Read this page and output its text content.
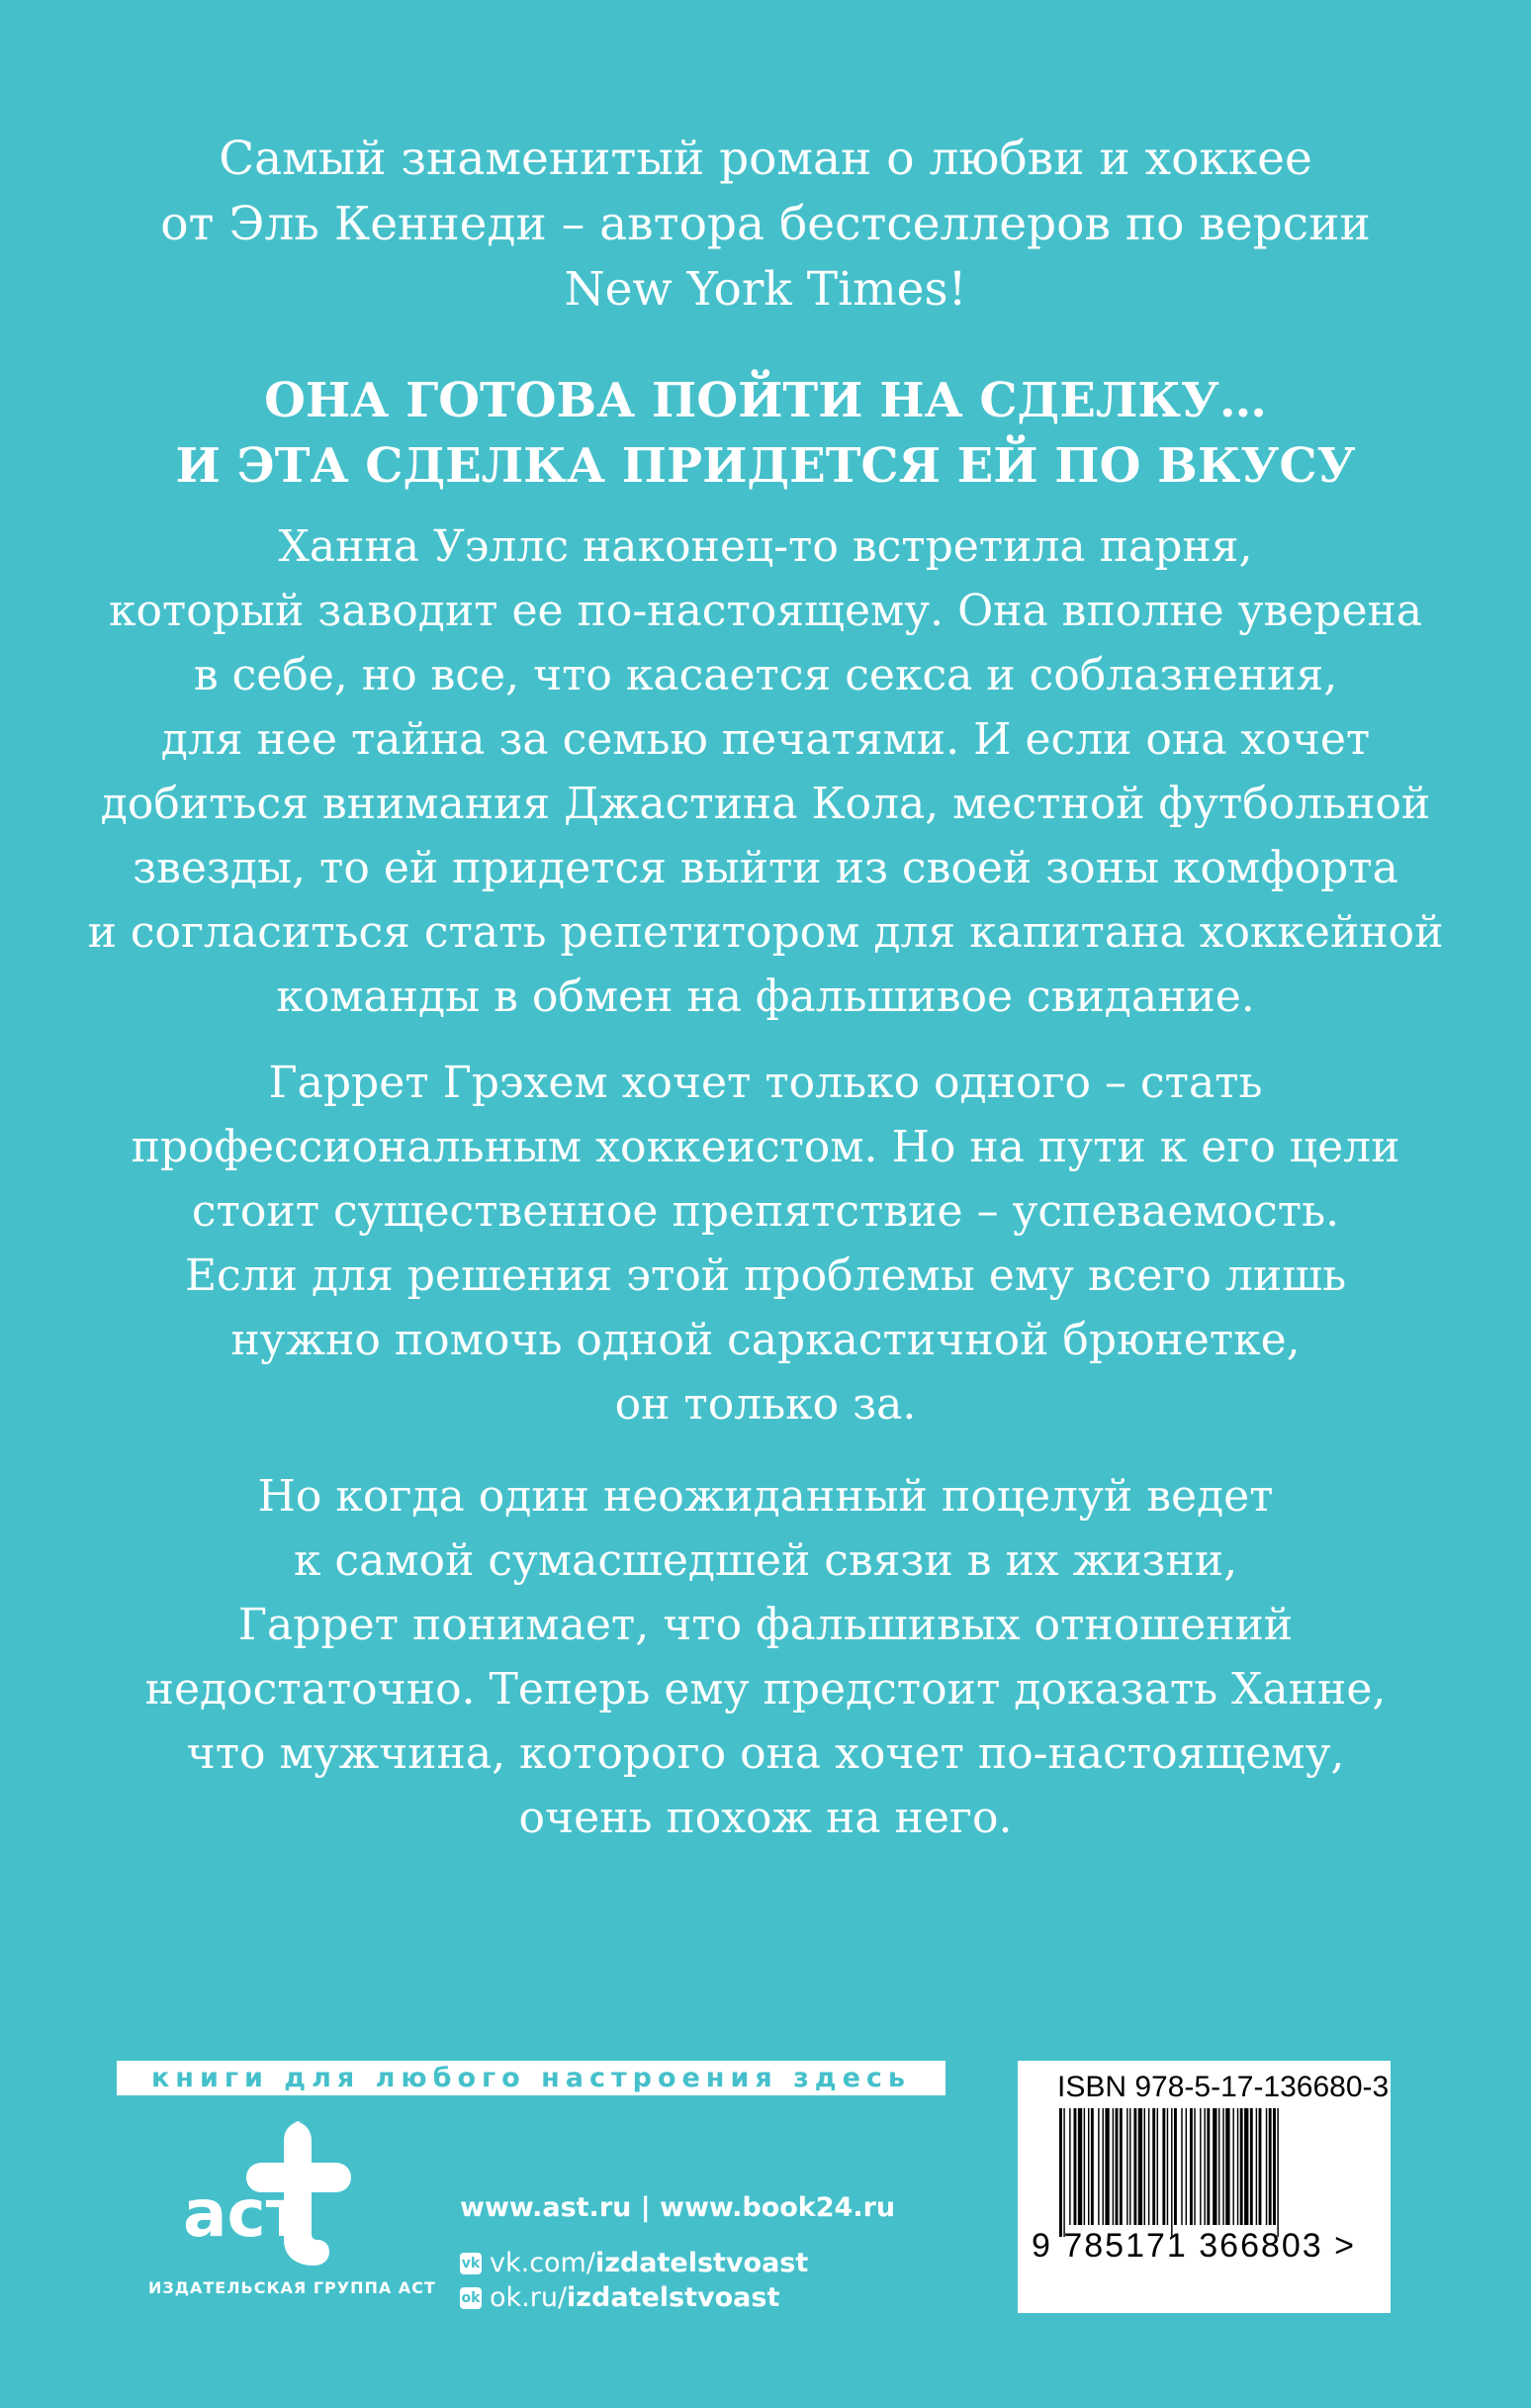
Самый знаменитый роман о любви и хоккее
от Эль Кеннеди – автора бестселлеров по версии
New York Times!
ОНА ГОТОВА ПОЙТИ НА СДЕЛКУ…
И ЭТА СДЕЛКА ПРИДЕТСЯ ЕЙ ПО ВКУСУ
Ханна Уэллс наконец-то встретила парня,
который заводит ее по-настоящему. Она вполне уверена
в себе, но все, что касается секса и соблазнения,
для нее тайна за семью печатями. И если она хочет
добиться внимания Джастина Кола, местной футбольной
звезды, то ей придется выйти из своей зоны комфорта
и согласиться стать репетитором для капитана хоккейной
команды в обмен на фальшивое свидание.
Гаррет Грэхем хочет только одного – стать
профессиональным хоккеистом. Но на пути к его цели
стоит существенное препятствие – успеваемость.
Если для решения этой проблемы ему всего лишь
нужно помочь одной саркастичной брюнетке,
он только за.
Но когда один неожиданный поцелуй ведет
к самой сумасшедшей связи в их жизни,
Гаррет понимает, что фальшивых отношений
недостаточно. Теперь ему предстоит доказать Ханне,
что мужчина, которого она хочет по-настоящему,
очень похож на него.
книги для любого настроения здесь
аст
ИЗДАТЕЛЬСКАЯ ГРУППА АСТ
www.ast.ru | www.book24.ru
vk vk.com/izdatelstvoast
ok ok.ru/izdatelstvoast
ISBN 978-5-17-136680-3
9 785171 366803 >
